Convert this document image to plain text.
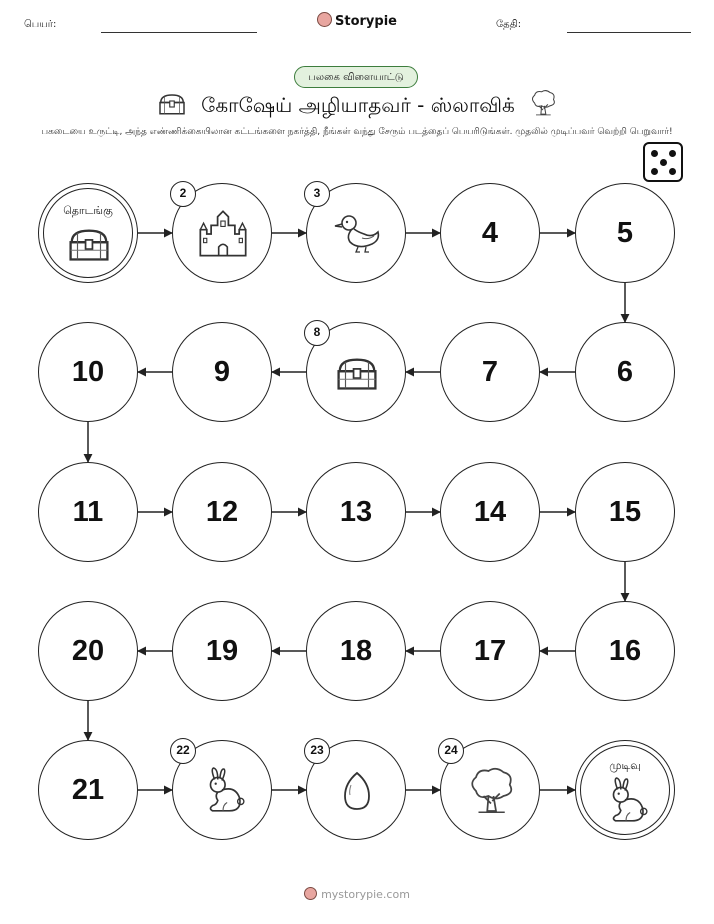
பெயர்:	Storypie	தேதி:
பலகை விளையாட்டு
கோஷேய் அழியாதவர் - ஸ்லாவிக்
பகடையை உருட்டி, அந்த எண்ணிக்கையிலான கட்டங்களை நகர்த்தி, நீங்கள் வந்து சேரும் படத்தைப் பெயரிடுங்கள். முதலில் முடிப்பவர் வெற்றி பெறுவார்!
தொடங்கு
2	3
4	5
6
7
8
9
10
11	12	13	14	15
16
17
18
19
20
21
22	23	24
முடிவு
mystorypie.com
